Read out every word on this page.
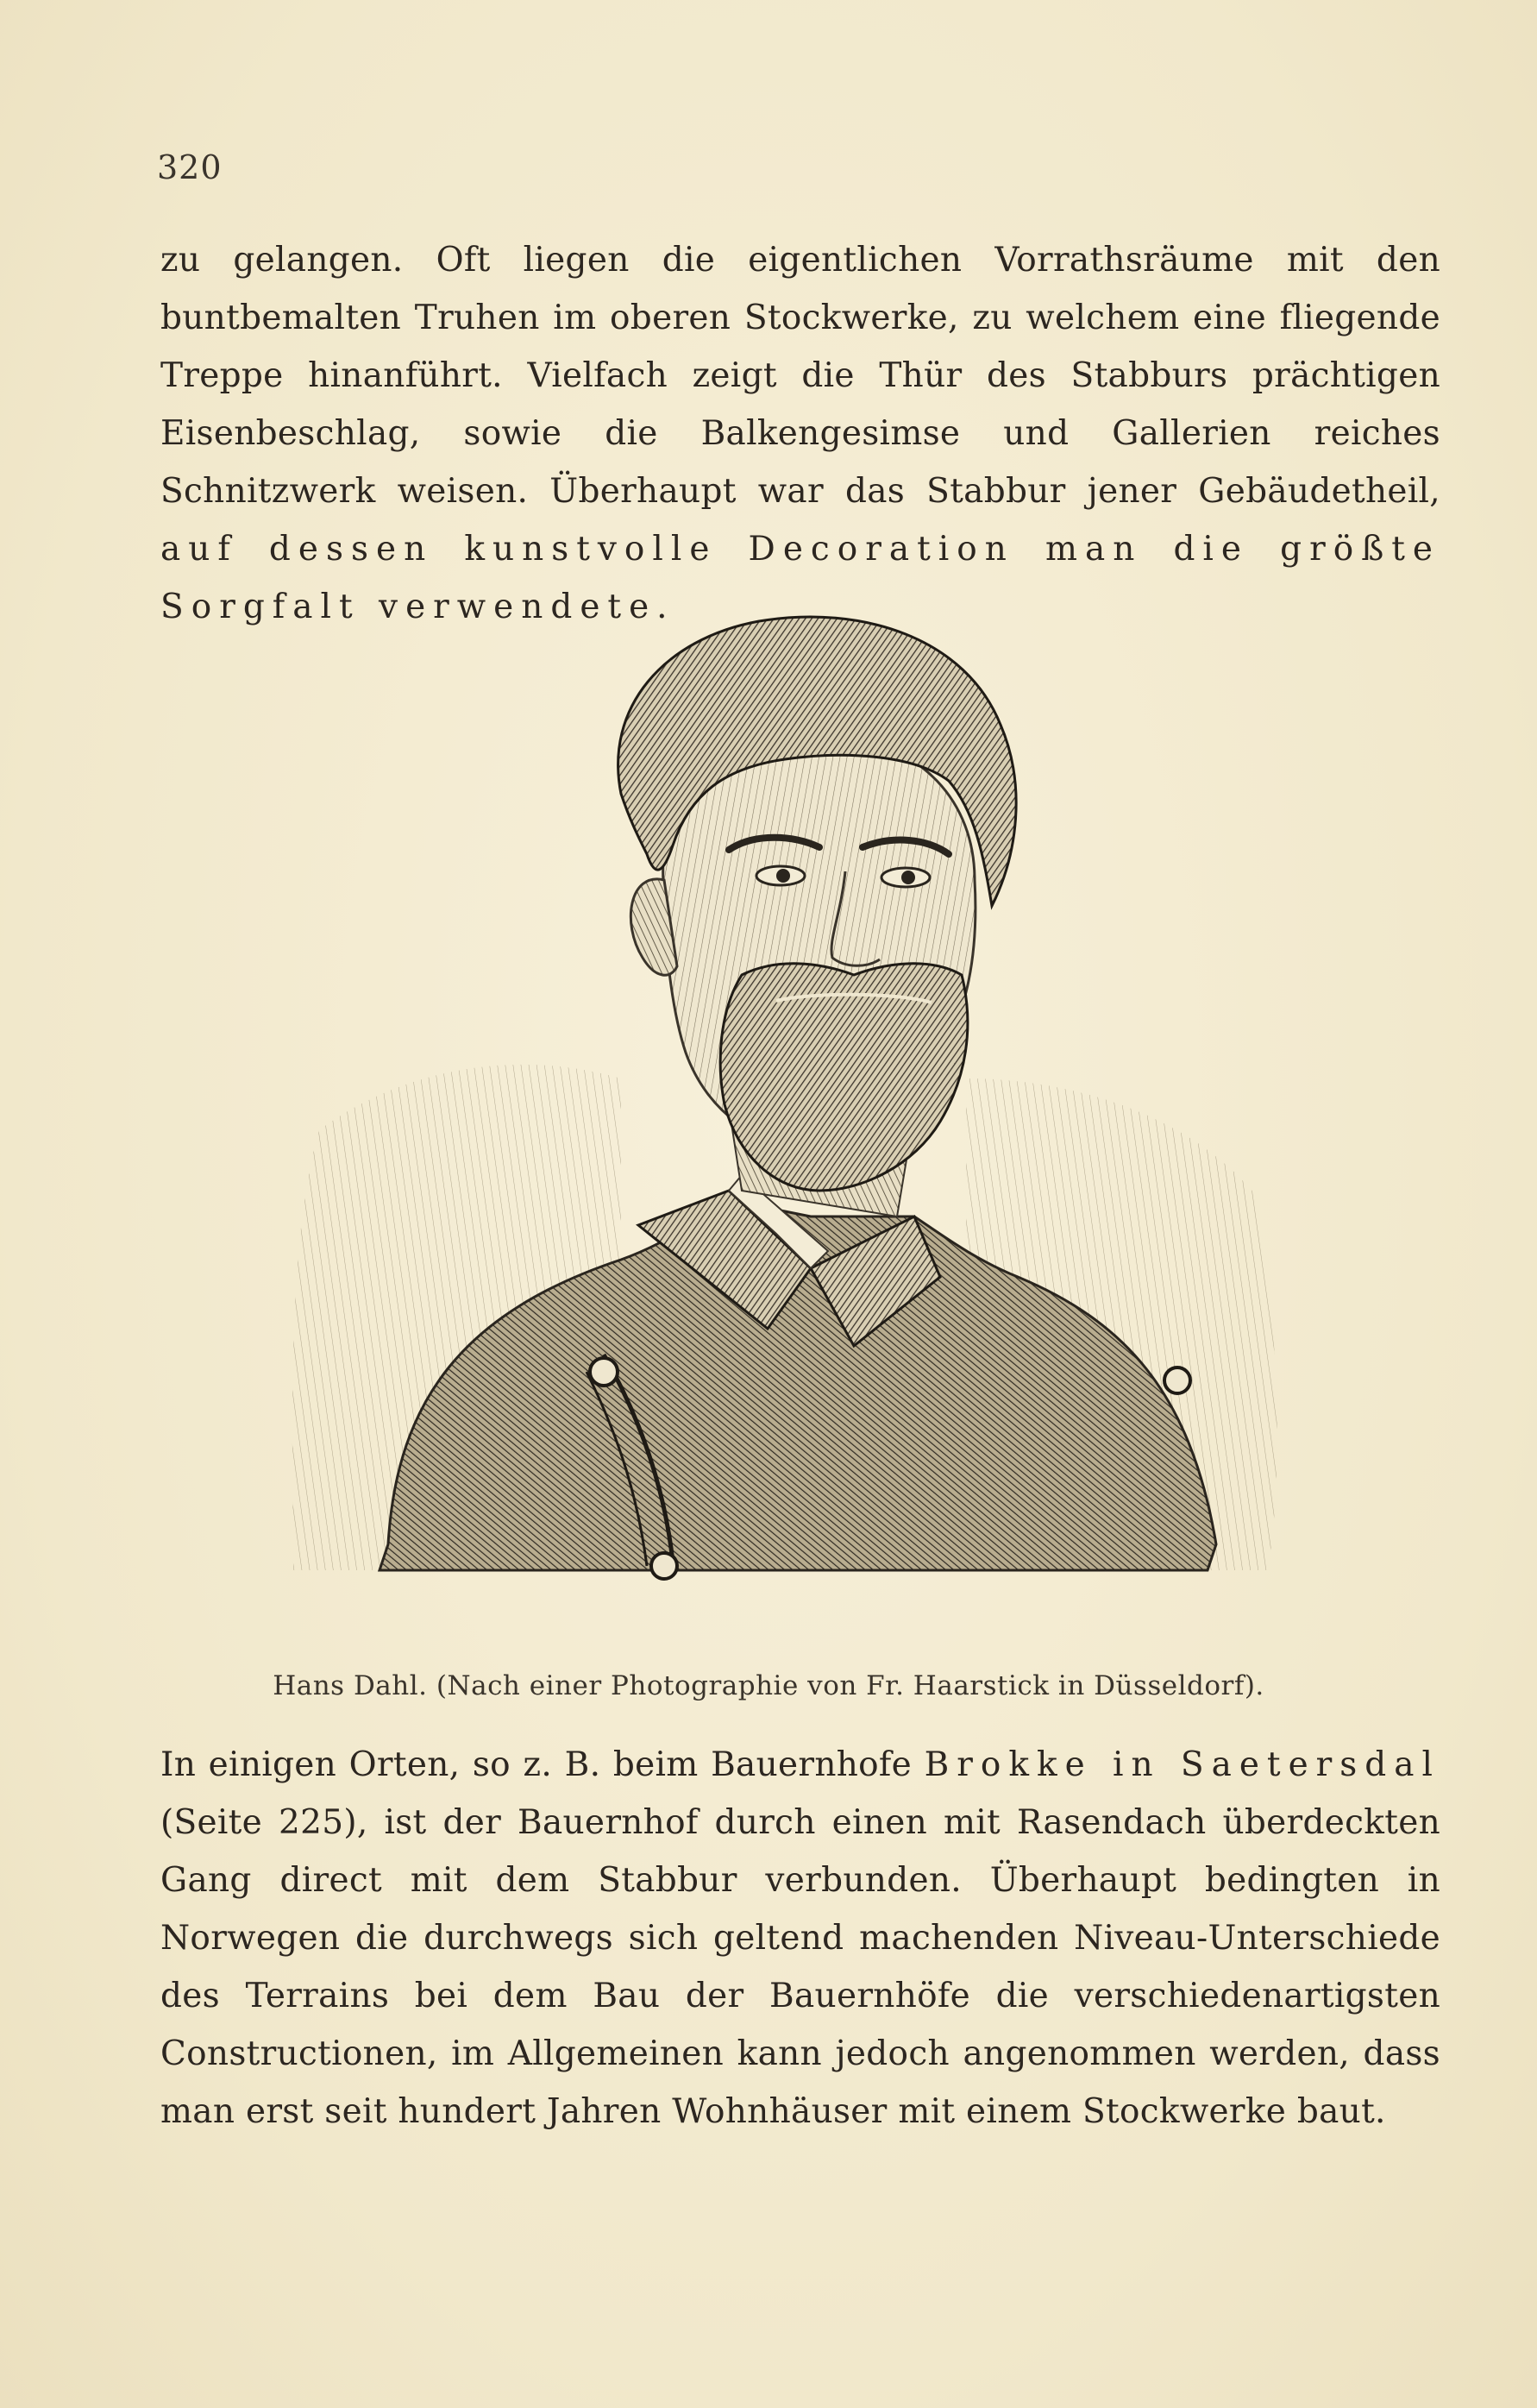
320

zu gelangen. Oft liegen die eigentlichen Vorrathsräume mit den buntbemalten Truhen im oberen Stockwerke, zu welchem eine fliegende Treppe hinanführt. Vielfach zeigt die Thür des Stabburs prächtigen Eisenbeschlag, sowie die Balkengesimse und Gallerien reiches Schnitzwerk weisen. Überhaupt war das Stabbur jener Gebäudetheil, auf dessen kunstvolle Decoration man die größte Sorgfalt verwendete.

Hans Dahl. (Nach einer Photographie von Fr. Haarstick in Düsseldorf).

In einigen Orten, so z. B. beim Bauernhofe Brokke in Saetersdal (Seite 225), ist der Bauernhof durch einen mit Rasendach überdeckten Gang direct mit dem Stabbur verbunden. Überhaupt bedingten in Norwegen die durchwegs sich geltend machenden Niveau-Unterschiede des Terrains bei dem Bau der Bauernhöfe die verschiedenartigsten Constructionen, im Allgemeinen kann jedoch angenommen werden, dass man erst seit hundert Jahren Wohnhäuser mit einem Stockwerke baut.
